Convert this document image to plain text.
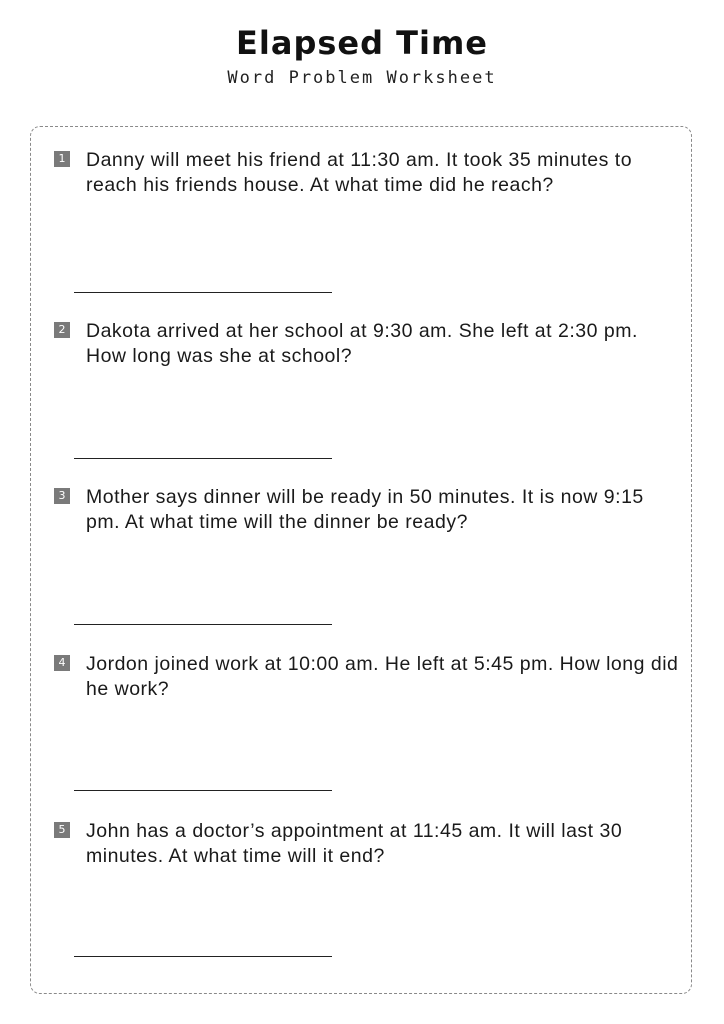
Elapsed Time
Word Problem Worksheet
1 Danny will meet his friend at 11:30 am. It took 35 minutes to reach his friends house. At what time did he reach?
2 Dakota arrived at her school at 9:30 am. She left at 2:30 pm. How long was she at school?
3 Mother says dinner will be ready in 50 minutes. It is now 9:15 pm. At what time will the dinner be ready?
4 Jordon joined work at 10:00 am. He left at 5:45 pm. How long did he work?
5 John has a doctor’s appointment at 11:45 am. It will last 30 minutes. At what time will it end?
